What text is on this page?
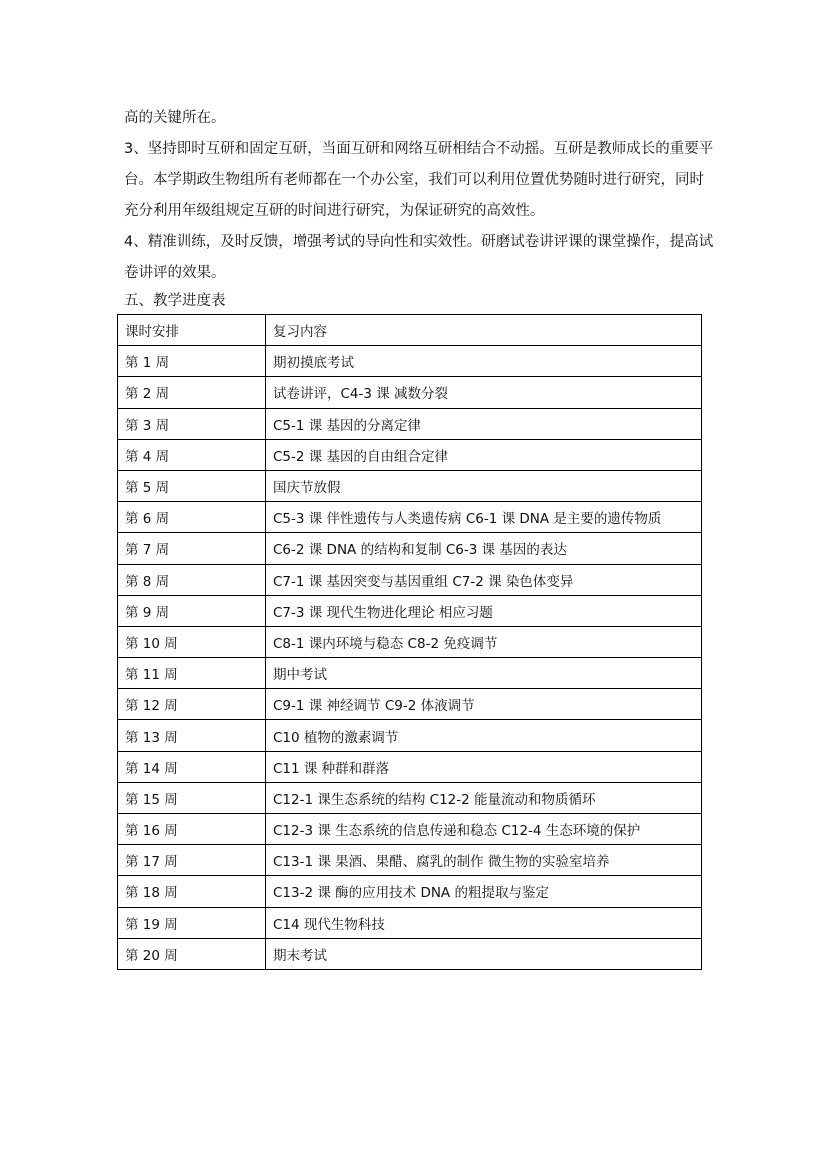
高的关键所在。

3、坚持即时互研和固定互研，当面互研和网络互研相结合不动摇。互研是教师成长的重要平台。本学期政生物组所有老师都在一个办公室，我们可以利用位置优势随时进行研究，同时充分利用年级组规定互研的时间进行研究，为保证研究的高效性。

4、精准训练，及时反馈，增强考试的导向性和实效性。研磨试卷讲评课的课堂操作，提高试卷讲评的效果。

五、教学进度表

课时安排	复习内容
第 1 周	期初摸底考试
第 2 周	试卷讲评，C4-3 课 减数分裂
第 3 周	C5-1 课 基因的分离定律
第 4 周	C5-2 课 基因的自由组合定律
第 5 周	国庆节放假
第 6 周	C5-3 课 伴性遗传与人类遗传病 C6-1 课 DNA 是主要的遗传物质
第 7 周	C6-2 课 DNA 的结构和复制 C6-3 课 基因的表达
第 8 周	C7-1 课 基因突变与基因重组 C7-2 课 染色体变异
第 9 周	C7-3 课 现代生物进化理论 相应习题
第 10 周	C8-1 课内环境与稳态 C8-2 免疫调节
第 11 周	期中考试
第 12 周	C9-1 课 神经调节 C9-2 体液调节
第 13 周	C10 植物的激素调节
第 14 周	C11 课 种群和群落
第 15 周	C12-1 课生态系统的结构 C12-2 能量流动和物质循环
第 16 周	C12-3 课 生态系统的信息传递和稳态 C12-4 生态环境的保护
第 17 周	C13-1 课 果酒、果醋、腐乳的制作 微生物的实验室培养
第 18 周	C13-2 课 酶的应用技术 DNA 的粗提取与鉴定
第 19 周	C14 现代生物科技
第 20 周	期末考试
